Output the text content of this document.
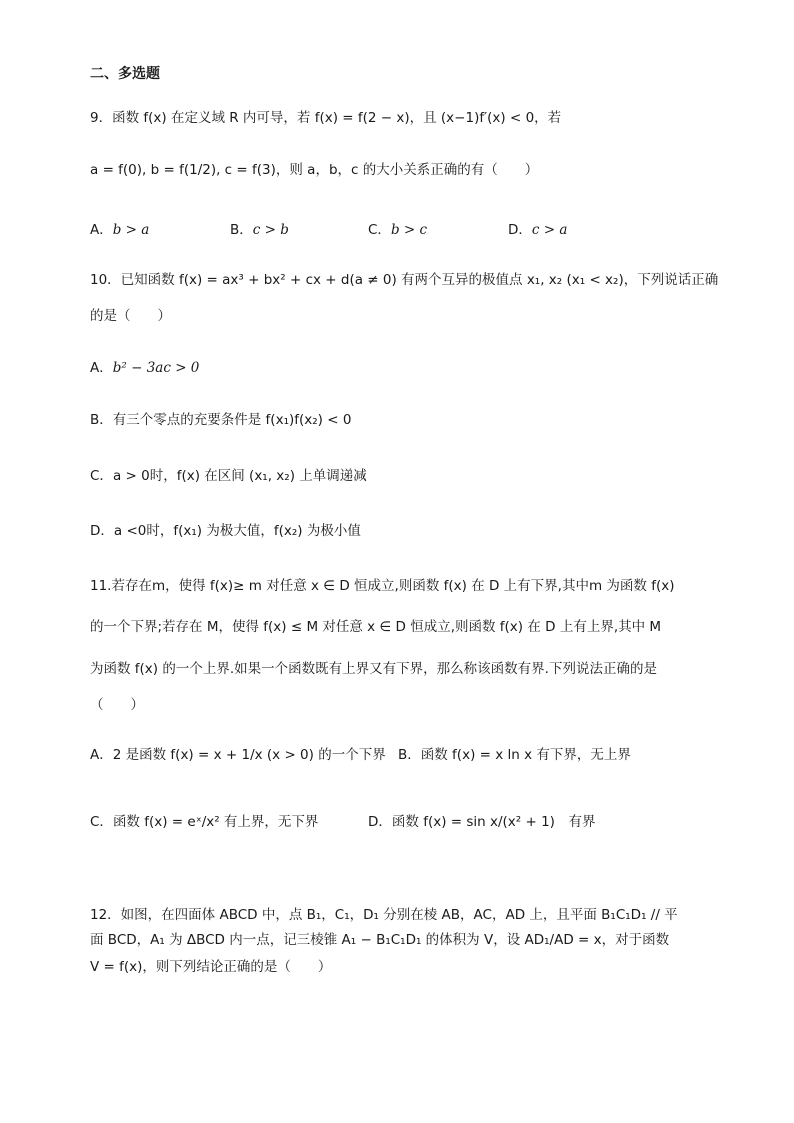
二、多选题
9．函数 f(x) 在定义域 R 内可导，若 f(x) = f(2 − x)，且 (x−1)f′(x) < 0，若
a = f(0), b = f(1/2), c = f(3)，则 a，b，c 的大小关系正确的有（　　）
A．b > a	B．c > b	C．b > c	D．c > a
10．已知函数 f(x) = ax³ + bx² + cx + d(a ≠ 0) 有两个互异的极值点 x₁, x₂ (x₁ < x₂)，下列说话正确
的是（　　）
A．b² − 3ac > 0
B．有三个零点的充要条件是 f(x₁)f(x₂) < 0
C．a > 0时，f(x) 在区间 (x₁, x₂) 上单调递减
D．a <0时，f(x₁) 为极大值，f(x₂) 为极小值
11.若存在m，使得 f(x)≥ m 对任意 x ∈ D 恒成立,则函数 f(x) 在 D 上有下界,其中m 为函数 f(x)
的一个下界;若存在 M，使得 f(x) ≤ M 对任意 x ∈ D 恒成立,则函数 f(x) 在 D 上有上界,其中 M
为函数 f(x) 的一个上界.如果一个函数既有上界又有下界，那么称该函数有界.下列说法正确的是
（　　）
A．2 是函数 f(x) = x + 1/x (x > 0) 的一个下界 B．函数 f(x) = x ln x 有下界，无上界
C．函数 f(x) = eˣ/x² 有上界，无下界	D．函数 f(x) = sin x/(x² + 1)　有界
12．如图，在四面体 ABCD 中，点 B₁，C₁，D₁ 分别在棱 AB，AC，AD 上，且平面 B₁C₁D₁ // 平
面 BCD，A₁ 为 ΔBCD 内一点，记三棱锥 A₁ − B₁C₁D₁ 的体积为 V，设 AD₁/AD = x，对于函数
V = f(x)，则下列结论正确的是（　　）
